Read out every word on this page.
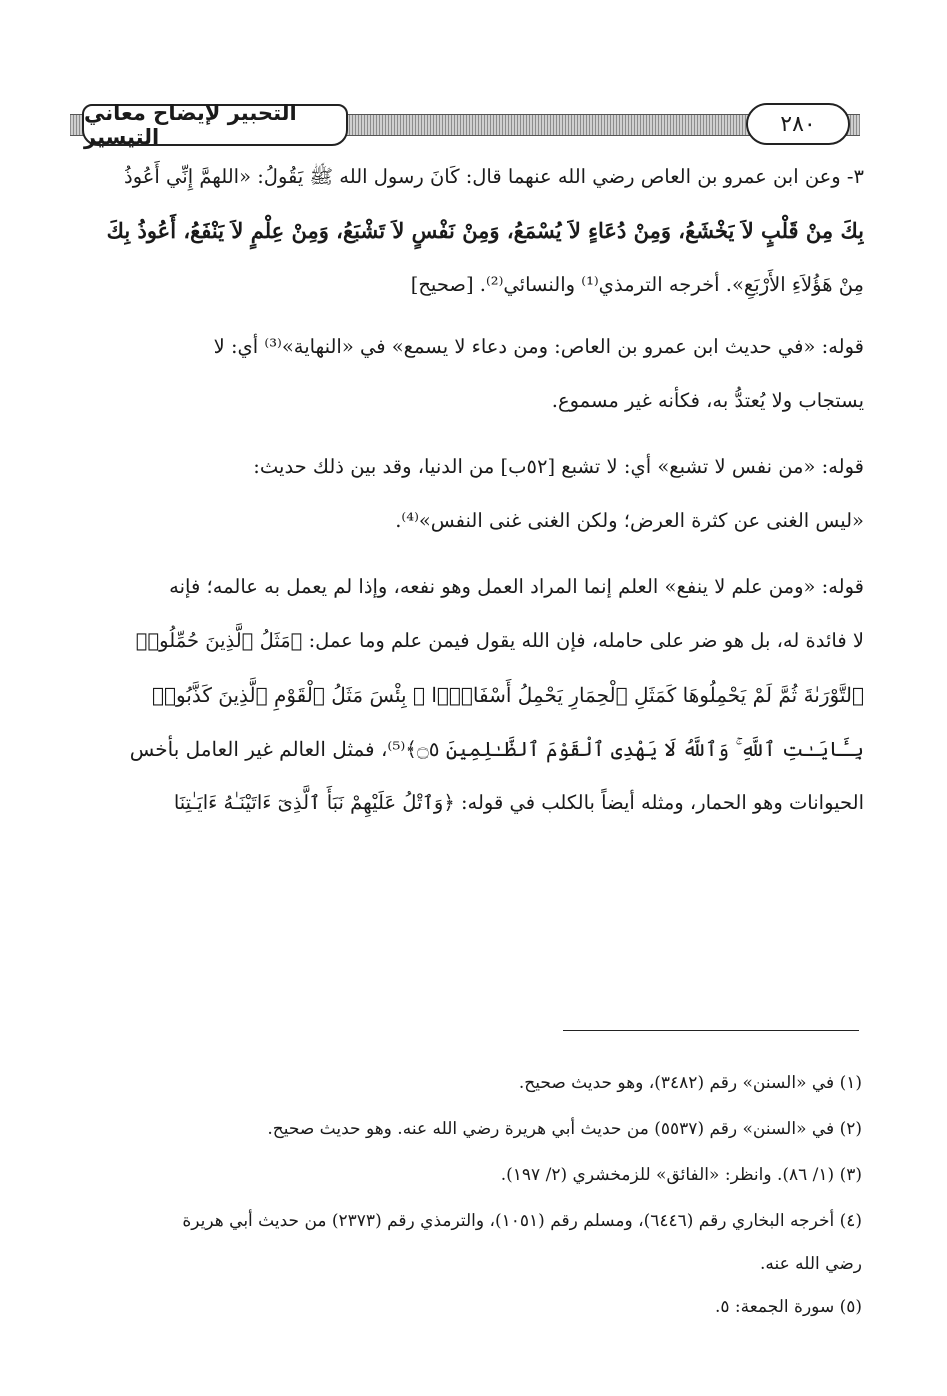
التحبير لإيضاح معاني التيسير
٢٨٠
٣- وعن ابن عمرو بن العاص رضي الله عنهما قال: كَانَ رسول الله ﷺ يَقُولُ: «اللهمَّ إِنِّي أَعُوذُ
بِكَ مِنْ قَلْبٍ لاَ يَخْشَعُ، وَمِنْ دُعَاءٍ لاَ يُسْمَعُ، وَمِنْ نَفْسٍ لاَ تَشْبَعُ، وَمِنْ عِلْمٍ لاَ يَنْفَعُ، أَعُوذُ بِكَ
مِنْ هَؤُلاَءِ الأَرْبَعِ». أخرجه الترمذي⁽¹⁾ والنسائي⁽²⁾. [صحيح]
قوله: «في حديث ابن عمرو بن العاص: ومن دعاء لا يسمع» في «النهاية»⁽³⁾ أي: لا
يستجاب ولا يُعتدُّ به، فكأنه غير مسموع.
قوله: «من نفس لا تشبع» أي: لا تشبع [٥٢ب] من الدنيا، وقد بين ذلك حديث:
«ليس الغنى عن كثرة العرض؛ ولكن الغنى غنى النفس»⁽⁴⁾.
قوله: «ومن علم لا ينفع» العلم إنما المراد العمل وهو نفعه، وإذا لم يعمل به عالمه؛ فإنه
لا فائدة له، بل هو ضر على حامله، فإن الله يقول فيمن علم وما عمل: ﴿مَثَلُ ٱلَّذِينَ حُمِّلُوا۟
ٱلتَّوْرَىٰةَ ثُمَّ لَمْ يَحْمِلُوهَا كَمَثَلِ ٱلْحِمَارِ يَحْمِلُ أَسْفَارًۢا ۚ بِئْسَ مَثَلُ ٱلْقَوْمِ ٱلَّذِينَ كَذَّبُوا۟
بِـَٔايَـٰتِ ٱللَّهِ ۚ وَٱللَّهُ لَا يَهْدِى ٱلْقَوْمَ ٱلظَّـٰلِمِينَ ۝٥﴾⁽⁵⁾، فمثل العالم غير العامل بأخس
الحيوانات وهو الحمار، ومثله أيضاً بالكلب في قوله: ﴿وَٱتْلُ عَلَيْهِمْ نَبَأَ ٱلَّذِىٓ ءَاتَيْنَـٰهُ ءَايَـٰتِنَا
(١) في «السنن» رقم (٣٤٨٢)، وهو حديث صحيح.
(٢) في «السنن» رقم (٥٥٣٧) من حديث أبي هريرة رضي الله عنه. وهو حديث صحيح.
(٣) (١/ ٨٦). وانظر: «الفائق» للزمخشري (٢/ ١٩٧).
(٤) أخرجه البخاري رقم (٦٤٤٦)، ومسلم رقم (١٠٥١)، والترمذي رقم (٢٣٧٣) من حديث أبي هريرة
رضي الله عنه.
(٥) سورة الجمعة: ٥.
